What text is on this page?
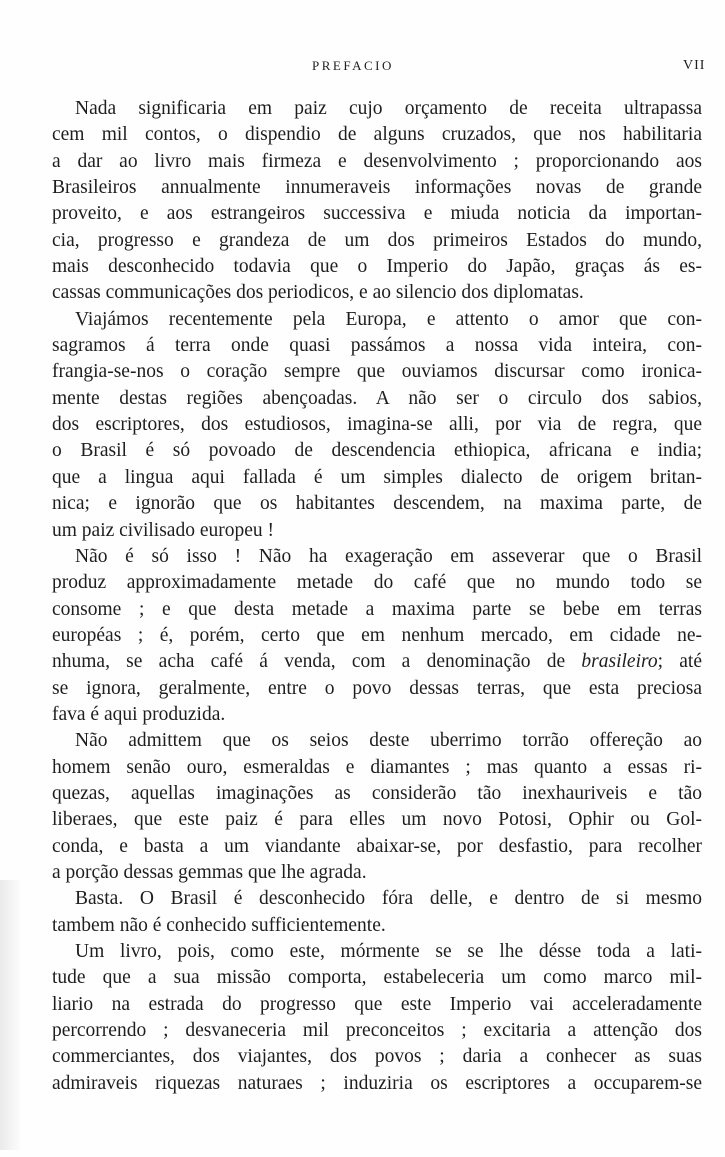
PREFACIO	VII
Nada significaria em paiz cujo orçamento de receita ultrapassa
cem mil contos, o dispendio de alguns cruzados, que nos habilitaria
a dar ao livro mais firmeza e desenvolvimento ; proporcionando aos
Brasileiros annualmente innumeraveis informações novas de grande
proveito, e aos estrangeiros successiva e miuda noticia da importan-
cia, progresso e grandeza de um dos primeiros Estados do mundo,
mais desconhecido todavia que o Imperio do Japão, graças ás es-
cassas communicações dos periodicos, e ao silencio dos diplomatas.
Viajámos recentemente pela Europa, e attento o amor que con-
sagramos á terra onde quasi passámos a nossa vida inteira, con-
frangia-se-nos o coração sempre que ouviamos discursar como ironica-
mente destas regiões abençoadas. A não ser o circulo dos sabios,
dos escriptores, dos estudiosos, imagina-se alli, por via de regra, que
o Brasil é só povoado de descendencia ethiopica, africana e india;
que a lingua aqui fallada é um simples dialecto de origem britan-
nica; e ignorão que os habitantes descendem, na maxima parte, de
um paiz civilisado europeu !
Não é só isso ! Não ha exageração em asseverar que o Brasil
produz approximadamente metade do café que no mundo todo se
consome ; e que desta metade a maxima parte se bebe em terras
européas ; é, porém, certo que em nenhum mercado, em cidade ne-
nhuma, se acha café á venda, com a denominação de brasileiro; até
se ignora, geralmente, entre o povo dessas terras, que esta preciosa
fava é aqui produzida.
Não admittem que os seios deste uberrimo torrão offereção ao
homem senão ouro, esmeraldas e diamantes ; mas quanto a essas ri-
quezas, aquellas imaginações as considerão tão inexhauriveis e tão
liberaes, que este paiz é para elles um novo Potosi, Ophir ou Gol-
conda, e basta a um viandante abaixar-se, por desfastio, para recolher
a porção dessas gemmas que lhe agrada.
Basta. O Brasil é desconhecido fóra delle, e dentro de si mesmo
tambem não é conhecido sufficientemente.
Um livro, pois, como este, mórmente se se lhe désse toda a lati-
tude que a sua missão comporta, estabeleceria um como marco mil-
liario na estrada do progresso que este Imperio vai acceleradamente
percorrendo ; desvaneceria mil preconceitos ; excitaria a attenção dos
commerciantes, dos viajantes, dos povos ; daria a conhecer as suas
admiraveis riquezas naturaes ; induziria os escriptores a occuparem-se
